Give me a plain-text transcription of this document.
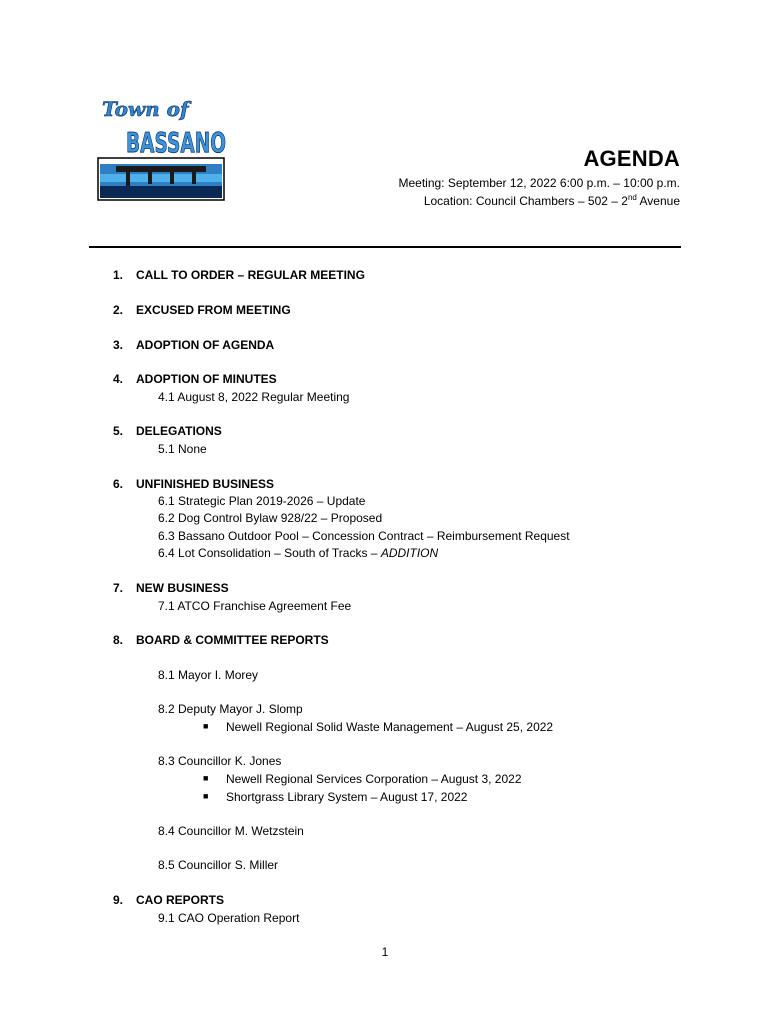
Town of
BASSANO	AGENDA
Meeting: September 12, 2022 6:00 p.m. – 10:00 p.m.
Location: Council Chambers – 502 – 2nd Avenue
1. CALL TO ORDER – REGULAR MEETING
2. EXCUSED FROM MEETING
3. ADOPTION OF AGENDA
4. ADOPTION OF MINUTES
4.1 August 8, 2022 Regular Meeting
5. DELEGATIONS
5.1 None
6. UNFINISHED BUSINESS
6.1 Strategic Plan 2019-2026 – Update
6.2 Dog Control Bylaw 928/22 – Proposed
6.3 Bassano Outdoor Pool – Concession Contract – Reimbursement Request
6.4 Lot Consolidation – South of Tracks – ADDITION
7. NEW BUSINESS
7.1 ATCO Franchise Agreement Fee
8. BOARD & COMMITTEE REPORTS
8.1 Mayor I. Morey
8.2 Deputy Mayor J. Slomp
■ Newell Regional Solid Waste Management – August 25, 2022
8.3 Councillor K. Jones
■ Newell Regional Services Corporation – August 3, 2022
■ Shortgrass Library System – August 17, 2022
8.4 Councillor M. Wetzstein
8.5 Councillor S. Miller
9. CAO REPORTS
9.1 CAO Operation Report
1
